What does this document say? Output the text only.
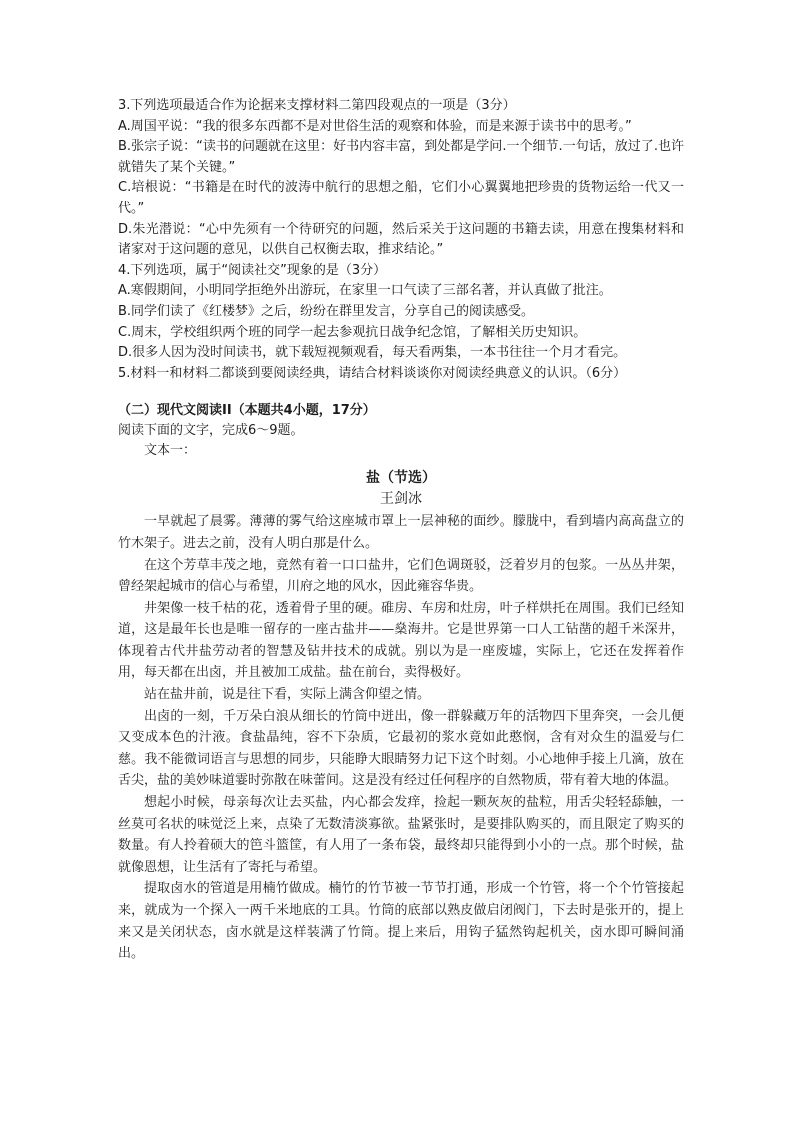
3.下列选项最适合作为论据来支撑材料二第四段观点的一项是（3分）

A.周国平说：“我的很多东西都不是对世俗生活的观察和体验，而是来源于读书中的思考。”

B.张宗子说：“读书的问题就在这里：好书内容丰富，到处都是学问.一个细节.一句话，放过了.也许就错失了某个关键。”

C.培根说：“书籍是在时代的波涛中航行的思想之船，它们小心翼翼地把珍贵的货物运给一代又一代。”

D.朱光潜说：“心中先须有一个待研究的问题，然后采关于这问题的书籍去读，用意在搜集材料和诸家对于这问题的意见，以供自己权衡去取，推求结论。”

4.下列选项，属于“阅读社交”现象的是（3分）

A.寒假期间，小明同学拒绝外出游玩，在家里一口气读了三部名著，并认真做了批注。

B.同学们读了《红楼梦》之后，纷纷在群里发言，分享自己的阅读感受。

C.周末，学校组织两个班的同学一起去参观抗日战争纪念馆，了解相关历史知识。

D.很多人因为没时间读书，就下载短视频观看，每天看两集，一本书往往一个月才看完。

5.材料一和材料二都谈到要阅读经典，请结合材料谈谈你对阅读经典意义的认识。（6分）

（二）现代文阅读II（本题共4小题，17分）
阅读下面的文字，完成6～9题。
文本一：
盐（节选）
王剑冰

一早就起了晨雾。薄薄的雾气给这座城市罩上一层神秘的面纱。朦胧中，看到墙内高高盘立的竹木架子。进去之前，没有人明白那是什么。

在这个芳草丰茂之地，竟然有着一口口盐井，它们色调斑驳，泛着岁月的包浆。一丛丛井架，曾经架起城市的信心与希望，川府之地的风水，因此雍容华贵。

井架像一枝千枯的花，透着骨子里的硬。碓房、车房和灶房，叶子样烘托在周围。我们已经知道，这是最年长也是唯一留存的一座古盐井——燊海井。它是世界第一口人工钻凿的超千米深井，体现着古代井盐劳动者的智慧及钻井技术的成就。别以为是一座废墟，实际上，它还在发挥着作用，每天都在出卤，并且被加工成盐。盐在前台，卖得极好。

站在盐井前，说是往下看，实际上满含仰望之情。

出卤的一刻，千万朵白浪从细长的竹筒中迸出，像一群躲藏万年的活物四下里奔突，一会儿便又变成本色的汁液。食盐晶纯，容不下杂质，它最初的浆水竟如此憨悯，含有对众生的温爱与仁慈。我不能微词语言与思想的同步，只能睁大眼睛努力记下这个时刻。小心地伸手接上几滴，放在舌尖，盐的美妙味道霎时弥散在味蕾间。这是没有经过任何程序的自然物质，带有着大地的体温。

想起小时候，母亲每次让去买盐，内心都会发痒，捡起一颗灰灰的盐粒，用舌尖轻轻舔触，一丝莫可名状的味觉泛上来，点染了无数清淡寡欲。盐紧张时，是要排队购买的，而且限定了购买的数量。有人拎着硕大的笆斗篮筐，有人用了一条布袋，最终却只能得到小小的一点。那个时候，盐就像恩想，让生活有了寄托与希望。

提取卤水的管道是用楠竹做成。楠竹的竹节被一节节打通，形成一个竹管，将一个个竹管接起来，就成为一个探入一两千米地底的工具。竹筒的底部以熟皮做启闭阀门，下去时是张开的，提上来又是关闭状态，卤水就是这样装满了竹筒。提上来后，用钩子猛然钩起机关，卤水即可瞬间涌出。
